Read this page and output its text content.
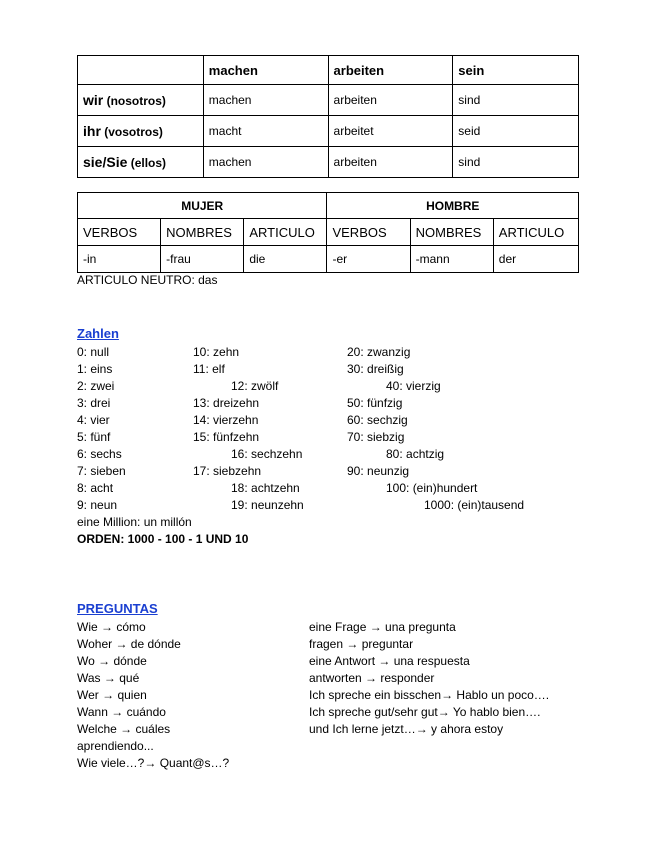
	machen	arbeiten	sein
wir (nosotros)	machen	arbeiten	sind
ihr (vosotros)	macht	arbeitet	seid
sie/Sie (ellos)	machen	arbeiten	sind
MUJER			HOMBRE		
VERBOS	NOMBRES	ARTICULO	VERBOS	NOMBRES	ARTICULO
-in	-frau	die	-er	-mann	der
ARTICULO NEUTRO: das
Zahlen
0: null
1: eins
2: zwei
3: drei
4: vier
5: fünf
6: sechs
7: sieben
8: acht
9: neun
10: zehn
11: elf
12: zwölf
13: dreizehn
14: vierzehn
15: fünfzehn
16: sechzehn
17: siebzehn
18: achtzehn
19: neunzehn
20: zwanzig
30: dreißig
40: vierzig
50: fünfzig
60: sechzig
70: siebzig
80: achtzig
90: neunzig
100: (ein)hundert
1000: (ein)tausend
eine Million: un millón
ORDEN: 1000 - 100 - 1 UND 10
PREGUNTAS
Wie → cómo
Woher → de dónde
Wo → dónde
Was → qué
Wer → quien
Wann → cuándo
Welche → cuáles
aprendiendo...
Wie viele…?→ Quant@s…?
eine Frage → una pregunta
fragen → preguntar
eine Antwort → una respuesta
antworten → responder
Ich spreche ein bisschen→ Hablo un poco….
Ich spreche gut/sehr gut→ Yo hablo bien….
und Ich lerne jetzt…→ y ahora estoy
